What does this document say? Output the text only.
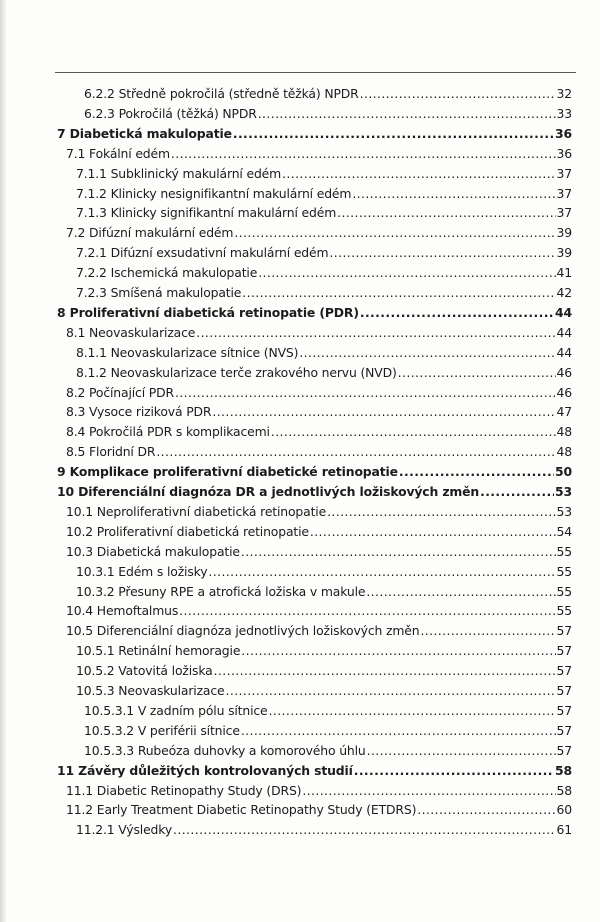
6.2.2 Středně pokročilá (středně těžká) NPDR .....	32
6.2.3 Pokročilá (těžká) NPDR .....	33
7 Diabetická makulopatie .....	36
7.1 Fokální edém .....	36
7.1.1 Subklinický makulární edém .....	37
7.1.2 Klinicky nesignifikantní makulární edém .....	37
7.1.3 Klinicky signifikantní makulární edém .....	37
7.2 Difúzní makulární edém .....	39
7.2.1 Difúzní exsudativní makulární edém .....	39
7.2.2 Ischemická makulopatie .....	41
7.2.3 Smíšená makulopatie .....	42
8 Proliferativní diabetická retinopatie (PDR) .....	44
8.1 Neovaskularizace .....	44
8.1.1 Neovaskularizace sítnice (NVS) .....	44
8.1.2 Neovaskularizace terče zrakového nervu (NVD) .....	46
8.2 Počínající PDR .....	46
8.3 Vysoce riziková PDR .....	47
8.4 Pokročilá PDR s komplikacemi .....	48
8.5 Floridní DR .....	48
9 Komplikace proliferativní diabetické retinopatie .....	50
10 Diferenciální diagnóza DR a jednotlivých ložiskových změn .....	53
10.1 Neproliferativní diabetická retinopatie .....	53
10.2 Proliferativní diabetická retinopatie .....	54
10.3 Diabetická makulopatie .....	55
10.3.1 Edém s ložisky .....	55
10.3.2 Přesuny RPE a atrofická ložiska v makule .....	55
10.4 Hemoftalmus .....	55
10.5 Diferenciální diagnóza jednotlivých ložiskových změn .....	57
10.5.1 Retinální hemoragie .....	57
10.5.2 Vatovitá ložiska .....	57
10.5.3 Neovaskularizace .....	57
10.5.3.1 V zadním pólu sítnice .....	57
10.5.3.2 V periférii sítnice .....	57
10.5.3.3 Rubeóza duhovky a komorového úhlu .....	57
11 Závěry důležitých kontrolovaných studií .....	58
11.1 Diabetic Retinopathy Study (DRS) .....	58
11.2 Early Treatment Diabetic Retinopathy Study (ETDRS) .....	60
11.2.1 Výsledky .....	61
